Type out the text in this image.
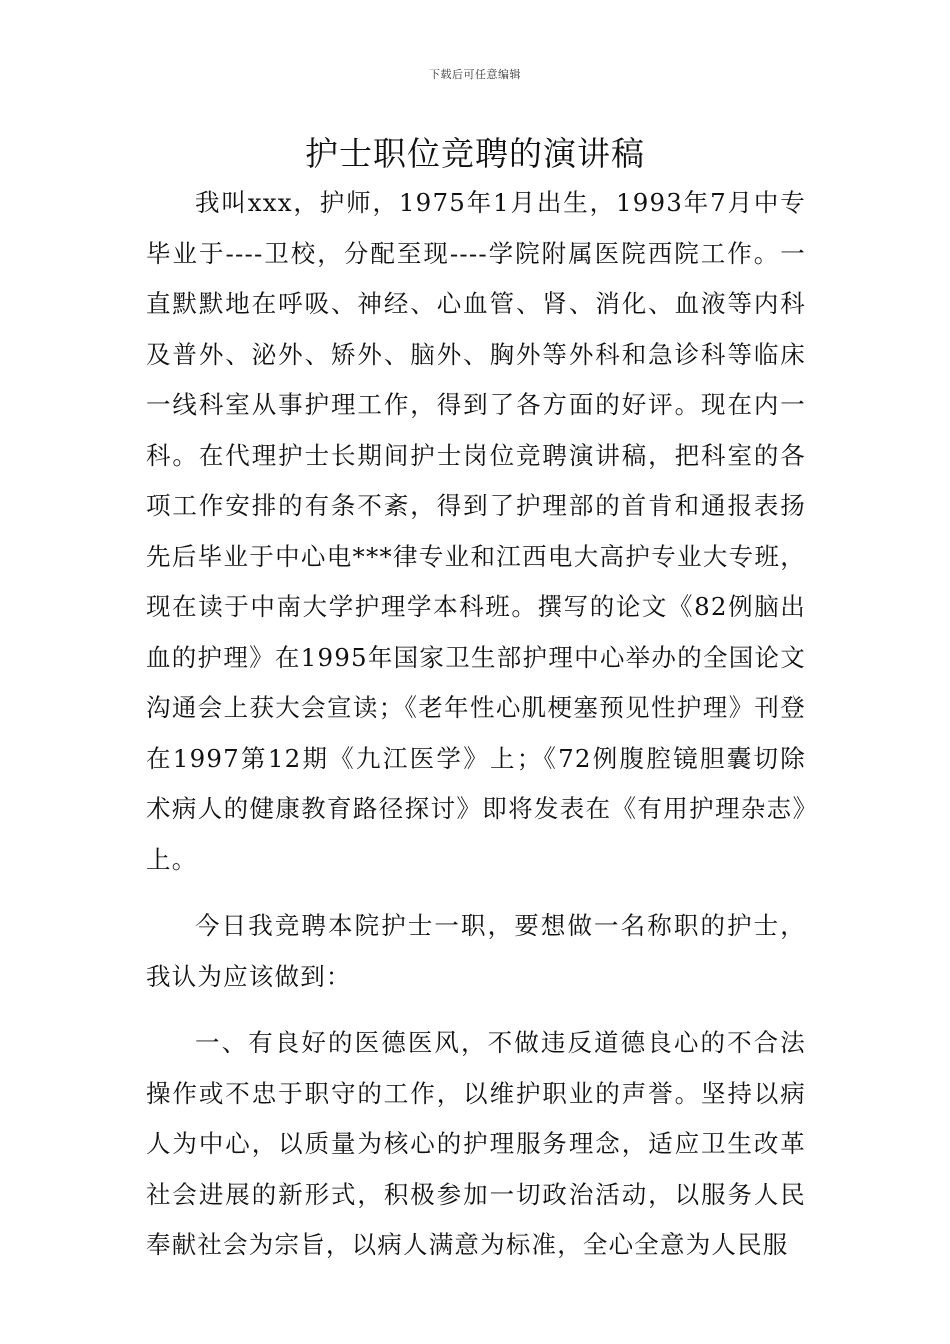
下载后可任意编辑
护士职位竞聘的演讲稿

我叫xxx，护师，1975年1月出生，1993年7月中专毕业于----卫校，分配至现----学院附属医院西院工作。一直默默地在呼吸、神经、心血管、肾、消化、血液等内科及普外、泌外、矫外、脑外、胸外等外科和急诊科等临床一线科室从事护理工作，得到了各方面的好评。现在内一科。在代理护士长期间护士岗位竞聘演讲稿，把科室的各项工作安排的有条不紊，得到了护理部的首肯和通报表扬先后毕业于中心电***律专业和江西电大高护专业大专班，现在读于中南大学护理学本科班。撰写的论文《82例脑出血的护理》在1995年国家卫生部护理中心举办的全国论文沟通会上获大会宣读；《老年性心肌梗塞预见性护理》刊登在1997第12期《九江医学》上；《72例腹腔镜胆囊切除术病人的健康教育路径探讨》即将发表在《有用护理杂志》上。

今日我竞聘本院护士一职，要想做一名称职的护士，我认为应该做到：

一、有良好的医德医风，不做违反道德良心的不合法操作或不忠于职守的工作，以维护职业的声誉。坚持以病人为中心，以质量为核心的护理服务理念，适应卫生改革社会进展的新形式，积极参加一切政治活动，以服务人民奉献社会为宗旨，以病人满意为标准，全心全意为人民服
